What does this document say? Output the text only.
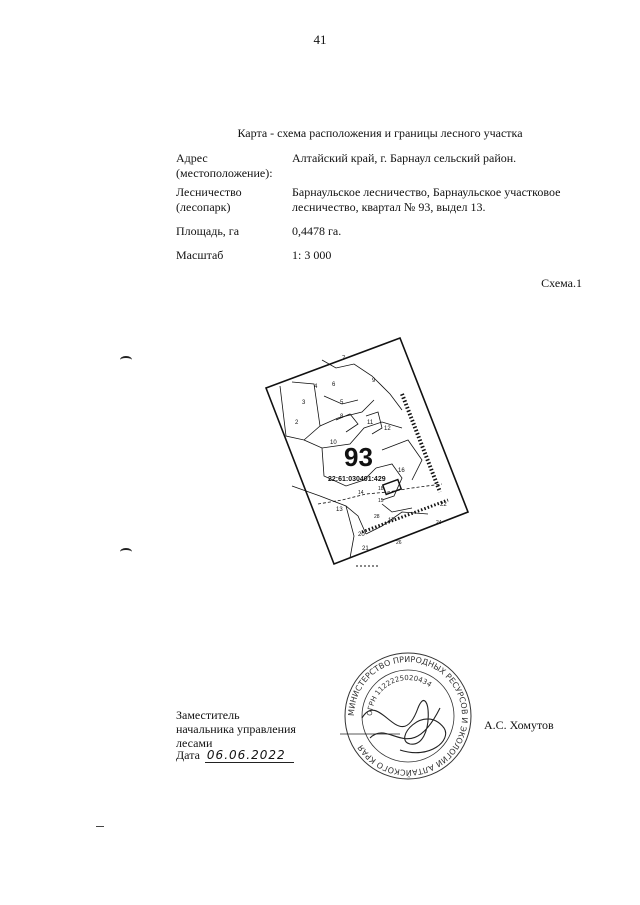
41
Карта - схема расположения и границы лесного участка
Адрес (местоположение):
Алтайский край, г. Барнаул сельский район.
Лесничество (лесопарк)
Барнаульское лесничество, Барнаульское участковое лесничество, квартал № 93, выдел 13.
Площадь, га	0,4478 га.
Масштаб	1: 3 000
Схема.1
2
3
4
5
6
7
8
9
10
11
12
13
14
15
16
17
18
20
21
22
24
26
28
93
22:61:030401:429
МИНИСТЕРСТВО ПРИРОДНЫХ РЕСУРСОВ И ЭКОЛОГИИ АЛТАЙСКОГО КРАЯ
ОГРН 1122225020434
Заместитель начальника управления лесами
А.С. Хомутов
Дата 06.06.2022
